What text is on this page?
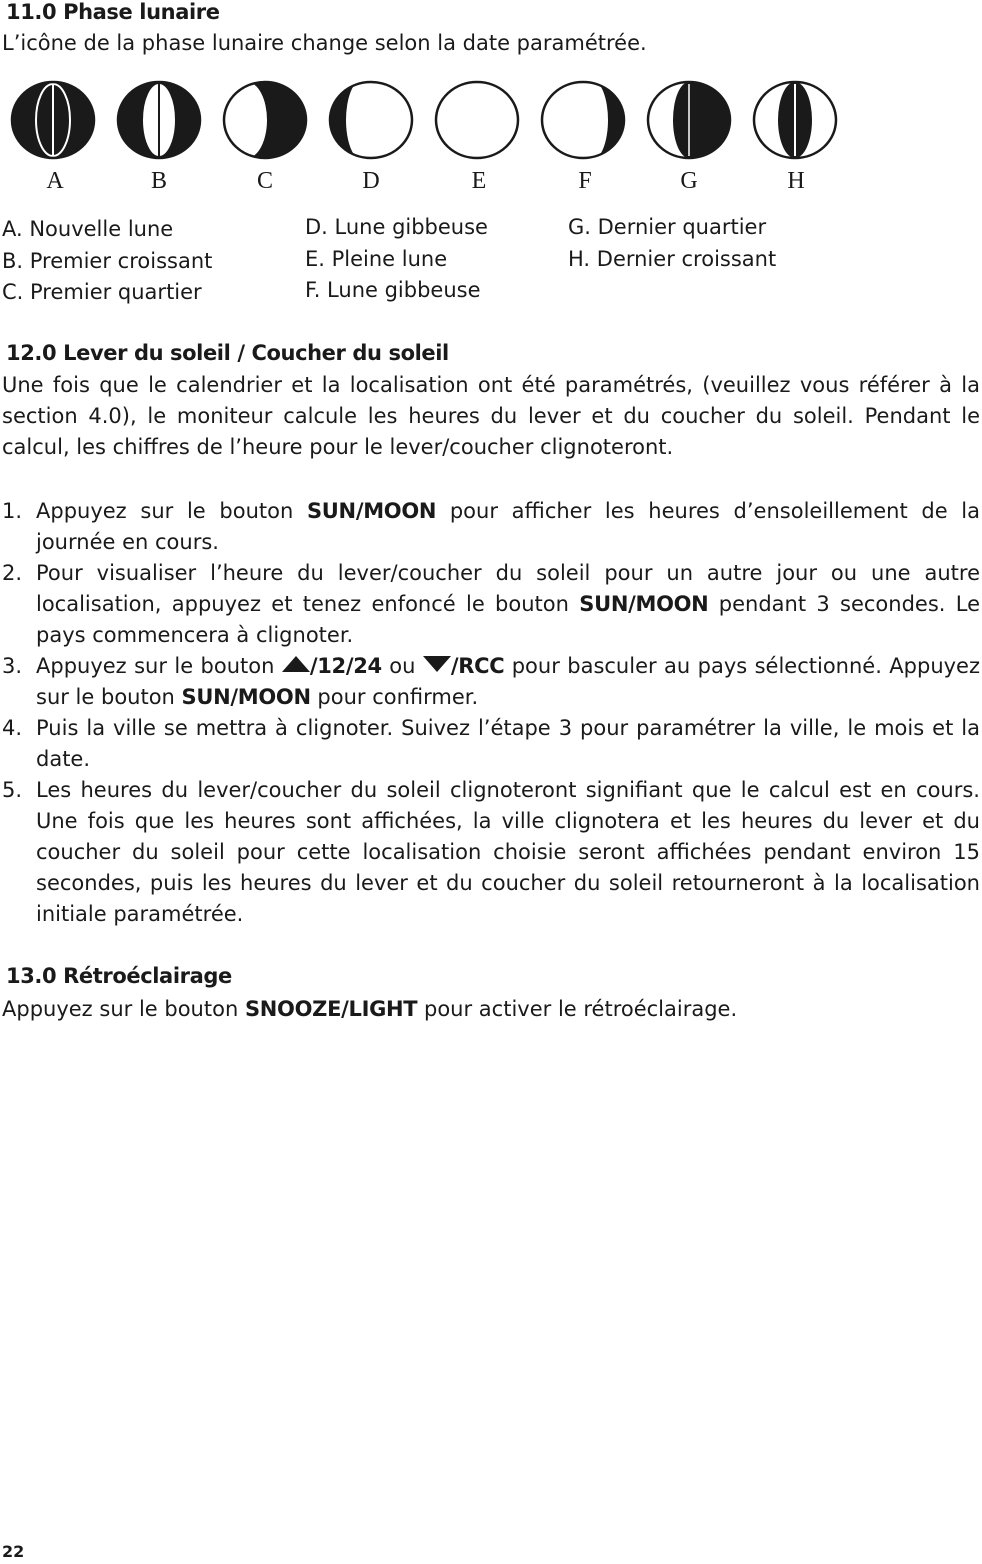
11.0 Phase lunaire

L’icône de la phase lunaire change selon la date paramétrée.

A	B	C	D	E	F	G	H
A. Nouvelle lune
B. Premier croissant
C. Premier quartier
D. Lune gibbeuse
E. Pleine lune
F. Lune gibbeuse
G. Dernier quartier
H. Dernier croissant
12.0 Lever du soleil / Coucher du soleil

Une fois que le calendrier et la localisation ont été paramétrés, (veuillez vous référer à la section 4.0), le moniteur calcule les heures du lever et du coucher du soleil. Pendant le calcul, les chiffres de l’heure pour le lever/coucher clignoteront.

1. Appuyez sur le bouton SUN/MOON pour afficher les heures d’ensoleillement de la journée en cours.
2. Pour visualiser l’heure du lever/coucher du soleil pour un autre jour ou une autre localisation, appuyez et tenez enfoncé le bouton SUN/MOON pendant 3 secondes. Le pays commencera à clignoter.
3. Appuyez sur le bouton /12/24 ou /RCC pour basculer au pays sélectionné. Appuyez sur le bouton SUN/MOON pour confirmer.
4. Puis la ville se mettra à clignoter. Suivez l’étape 3 pour paramétrer la ville, le mois et la date.
5. Les heures du lever/coucher du soleil clignoteront signifiant que le calcul est en cours. Une fois que les heures sont affichées, la ville clignotera et les heures du lever et du coucher du soleil pour cette localisation choisie seront affichées pendant environ 15 secondes, puis les heures du lever et du coucher du soleil retourneront à la localisation initiale paramétrée.
13.0 Rétroéclairage

Appuyez sur le bouton SNOOZE/LIGHT pour activer le rétroéclairage.

22
